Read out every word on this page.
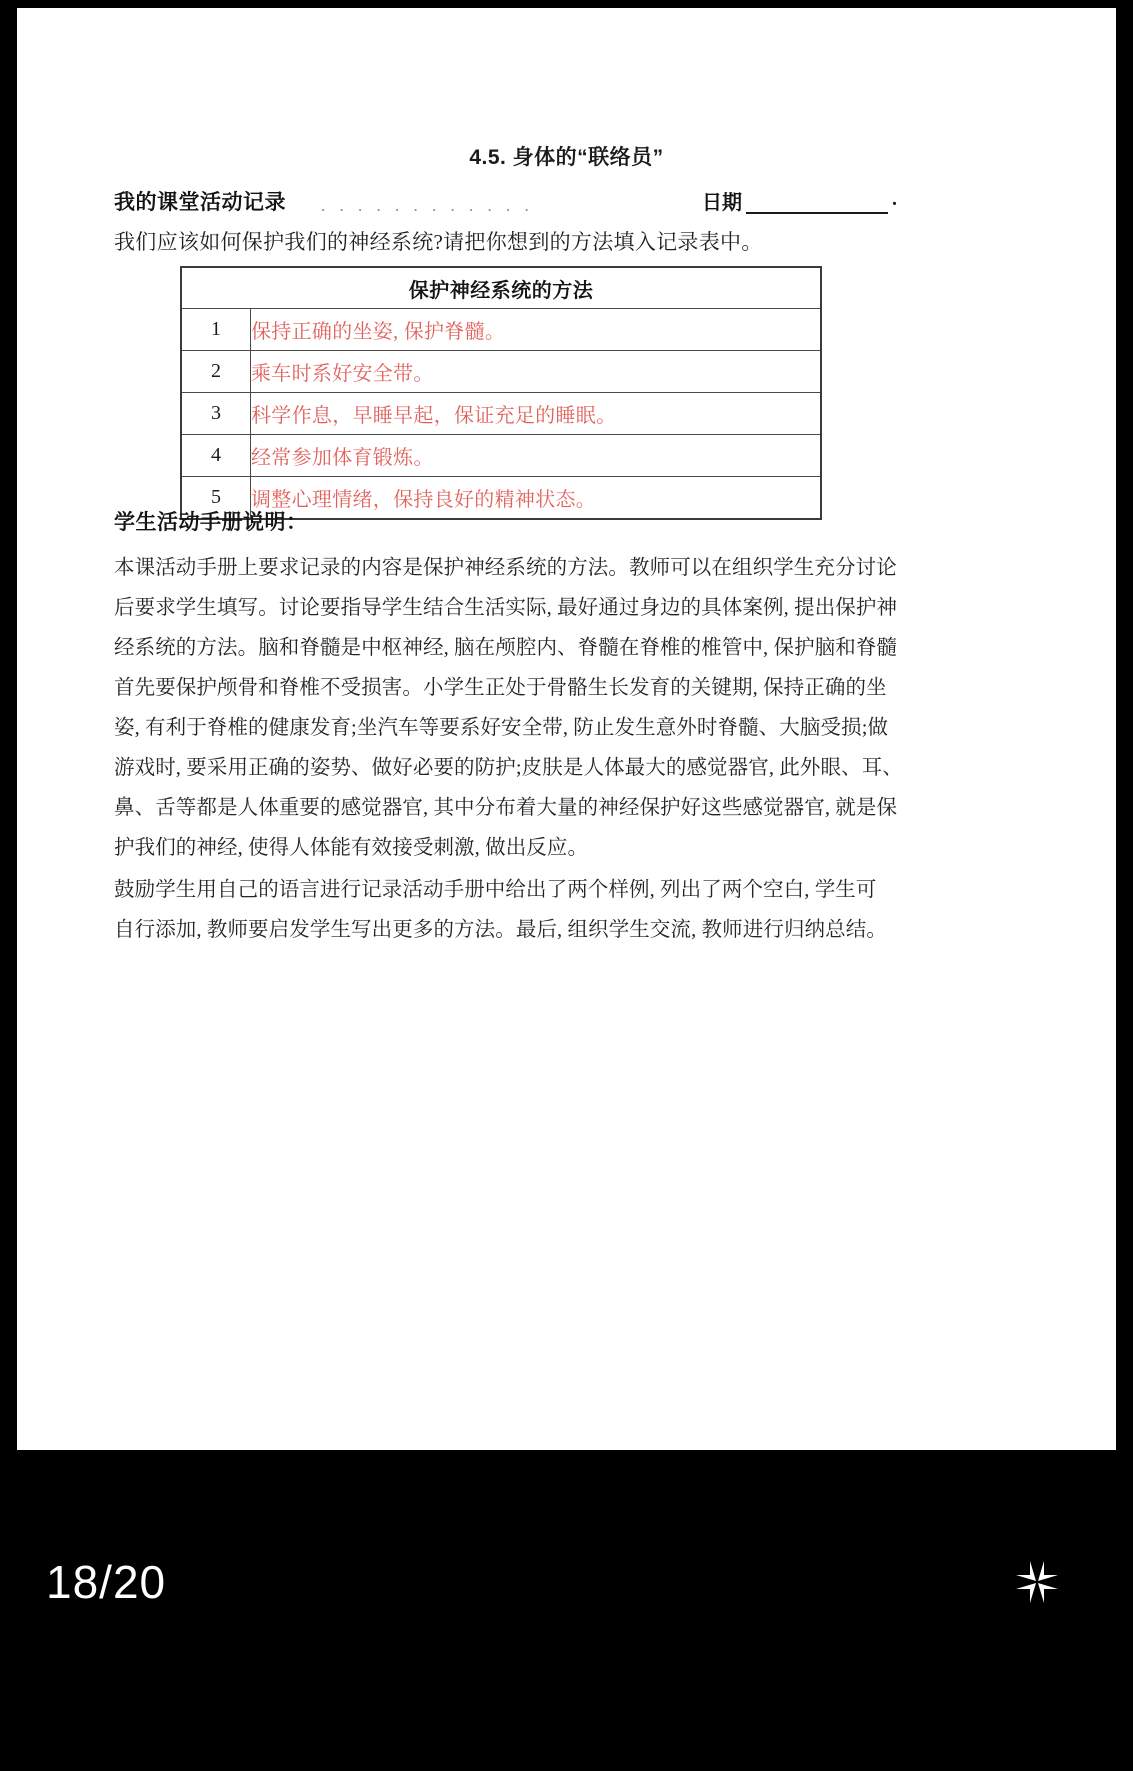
4.5. 身体的“联络员”
我的课堂活动记录 . . . . . . . . . . . .	日期	.
我们应该如何保护我们的神经系统?请把你想到的方法填入记录表中。
保护神经系统的方法	
1	保持正确的坐姿, 保护脊髓。
2	乘车时系好安全带。
3	科学作息，早睡早起，保证充足的睡眠。
4	经常参加体育锻炼。
5	调整心理情绪，保持良好的精神状态。
学生活动手册说明：
本课活动手册上要求记录的内容是保护神经系统的方法。教师可以在组织学生充分讨论
后要求学生填写。讨论要指导学生结合生活实际, 最好通过身边的具体案例, 提出保护神
经系统的方法。脑和脊髓是中枢神经, 脑在颅腔内、脊髓在脊椎的椎管中, 保护脑和脊髓
首先要保护颅骨和脊椎不受损害。小学生正处于骨骼生长发育的关键期, 保持正确的坐
姿, 有利于脊椎的健康发育;坐汽车等要系好安全带, 防止发生意外时脊髓、大脑受损;做
游戏时, 要采用正确的姿势、做好必要的防护;皮肤是人体最大的感觉器官, 此外眼、耳、
鼻、舌等都是人体重要的感觉器官, 其中分布着大量的神经保护好这些感觉器官, 就是保
护我们的神经, 使得人体能有效接受刺激, 做出反应。
鼓励学生用自己的语言进行记录活动手册中给出了两个样例, 列出了两个空白, 学生可
自行添加, 教师要启发学生写出更多的方法。最后, 组织学生交流, 教师进行归纳总结。
18/20
